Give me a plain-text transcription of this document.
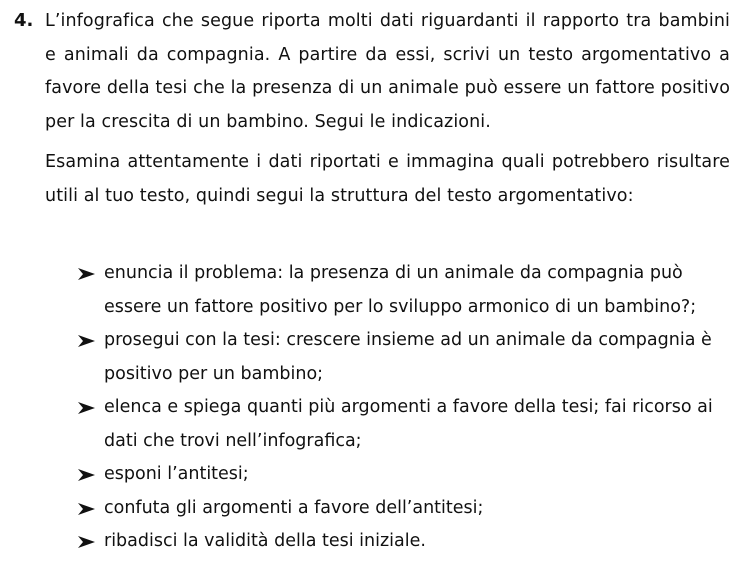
4. L’infografica che segue riporta molti dati riguardanti il rapporto tra bambini e animali da compagnia. A partire da essi, scrivi un testo argomentativo a favore della tesi che la presenza di un animale può essere un fattore positivo per la crescita di un bambino. Segui le indicazioni.

Esamina attentamente i dati riportati e immagina quali potrebbero risultare utili al tuo testo, quindi segui la struttura del testo argomentativo:

enuncia il problema: la presenza di un animale da compagnia può essere un fattore positivo per lo sviluppo armonico di un bambino?;
prosegui con la tesi: crescere insieme ad un animale da compagnia è positivo per un bambino;
elenca e spiega quanti più argomenti a favore della tesi; fai ricorso ai dati che trovi nell’infografica;
esponi l’antitesi;
confuta gli argomenti a favore dell’antitesi;
ribadisci la validità della tesi iniziale.
